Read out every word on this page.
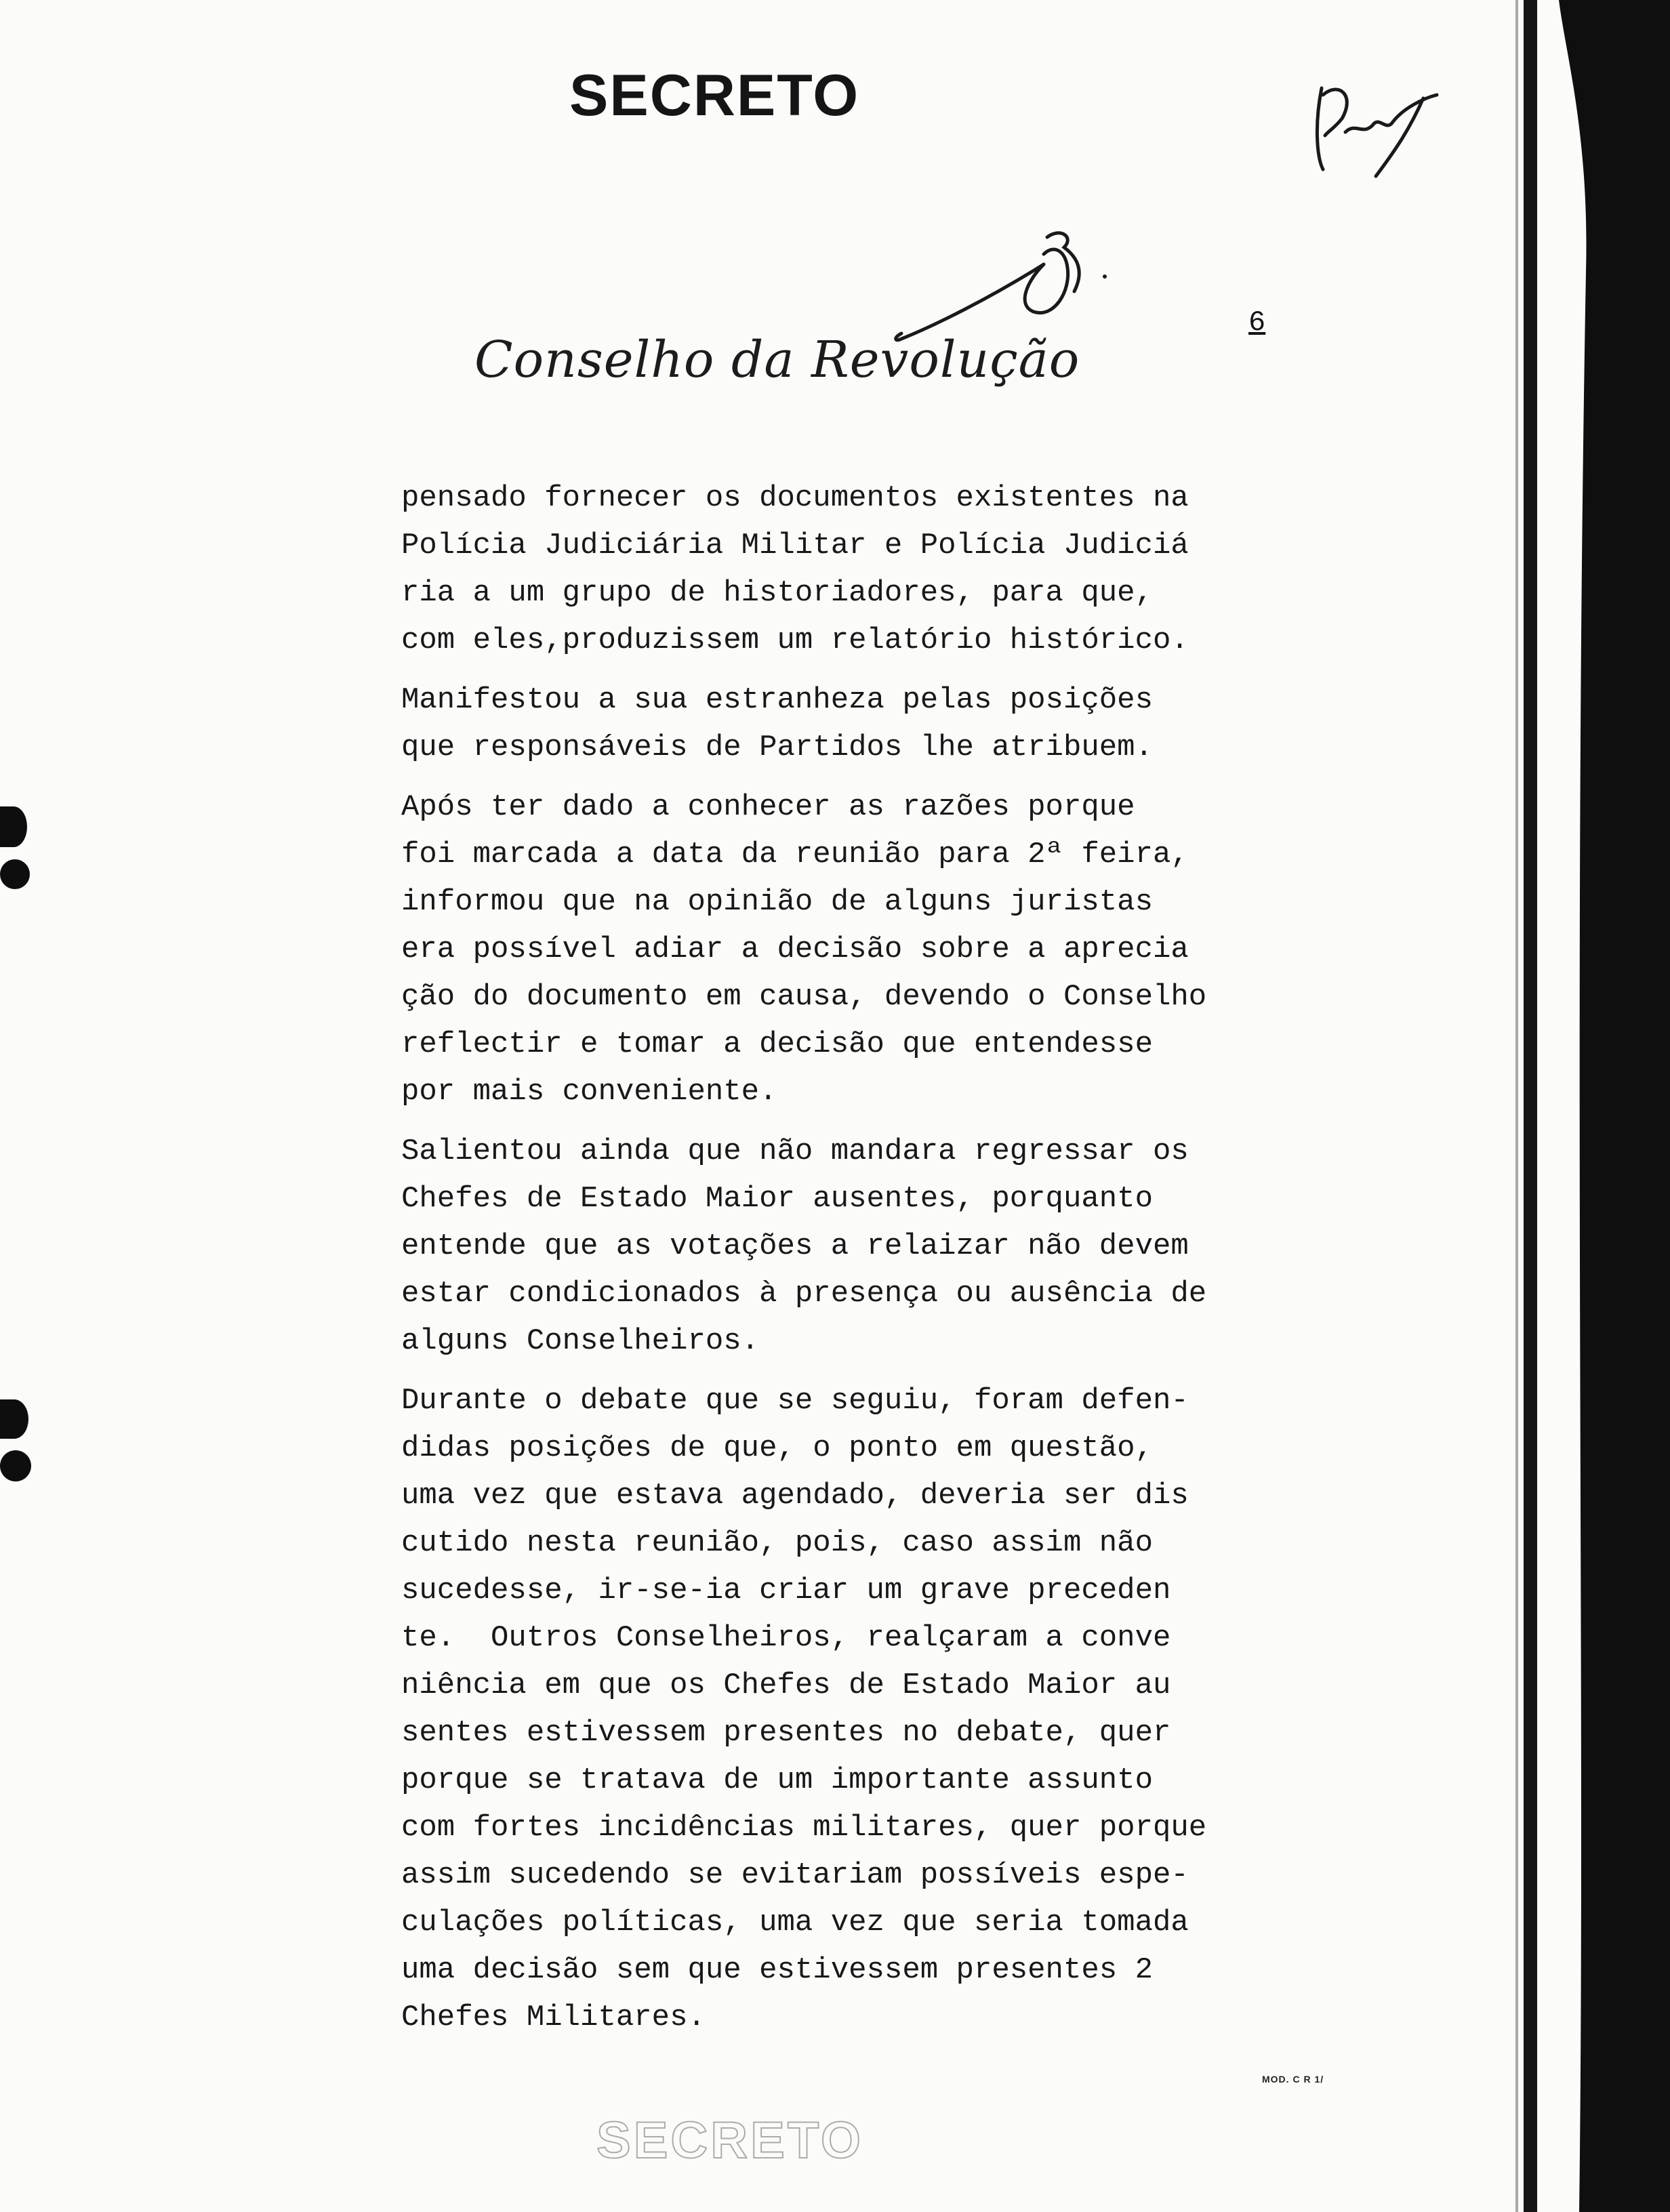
SECRETO
Conselho da Revolução
6
pensado fornecer os documentos existentes na
Polícia Judiciária Militar e Polícia Judiciá
ria a um grupo de historiadores, para que,
com eles,produzissem um relatório histórico.
Manifestou a sua estranheza pelas posições
que responsáveis de Partidos lhe atribuem.
Após ter dado a conhecer as razões porque
foi marcada a data da reunião para 2ª feira,
informou que na opinião de alguns juristas
era possível adiar a decisão sobre a aprecia
ção do documento em causa, devendo o Conselho
reflectir e tomar a decisão que entendesse
por mais conveniente.
Salientou ainda que não mandara regressar os
Chefes de Estado Maior ausentes, porquanto
entende que as votações a relaizar não devem
estar condicionados à presença ou ausência de
alguns Conselheiros.
Durante o debate que se seguiu, foram defen-
didas posições de que, o ponto em questão,
uma vez que estava agendado, deveria ser dis
cutido nesta reunião, pois, caso assim não
sucedesse, ir-se-ia criar um grave preceden
te.  Outros Conselheiros, realçaram a conve
niência em que os Chefes de Estado Maior au
sentes estivessem presentes no debate, quer
porque se tratava de um importante assunto
com fortes incidências militares, quer porque
assim sucedendo se evitariam possíveis espe-
culações políticas, uma vez que seria tomada
uma decisão sem que estivessem presentes 2
Chefes Militares.
MOD. C R 1/
SECRETO
